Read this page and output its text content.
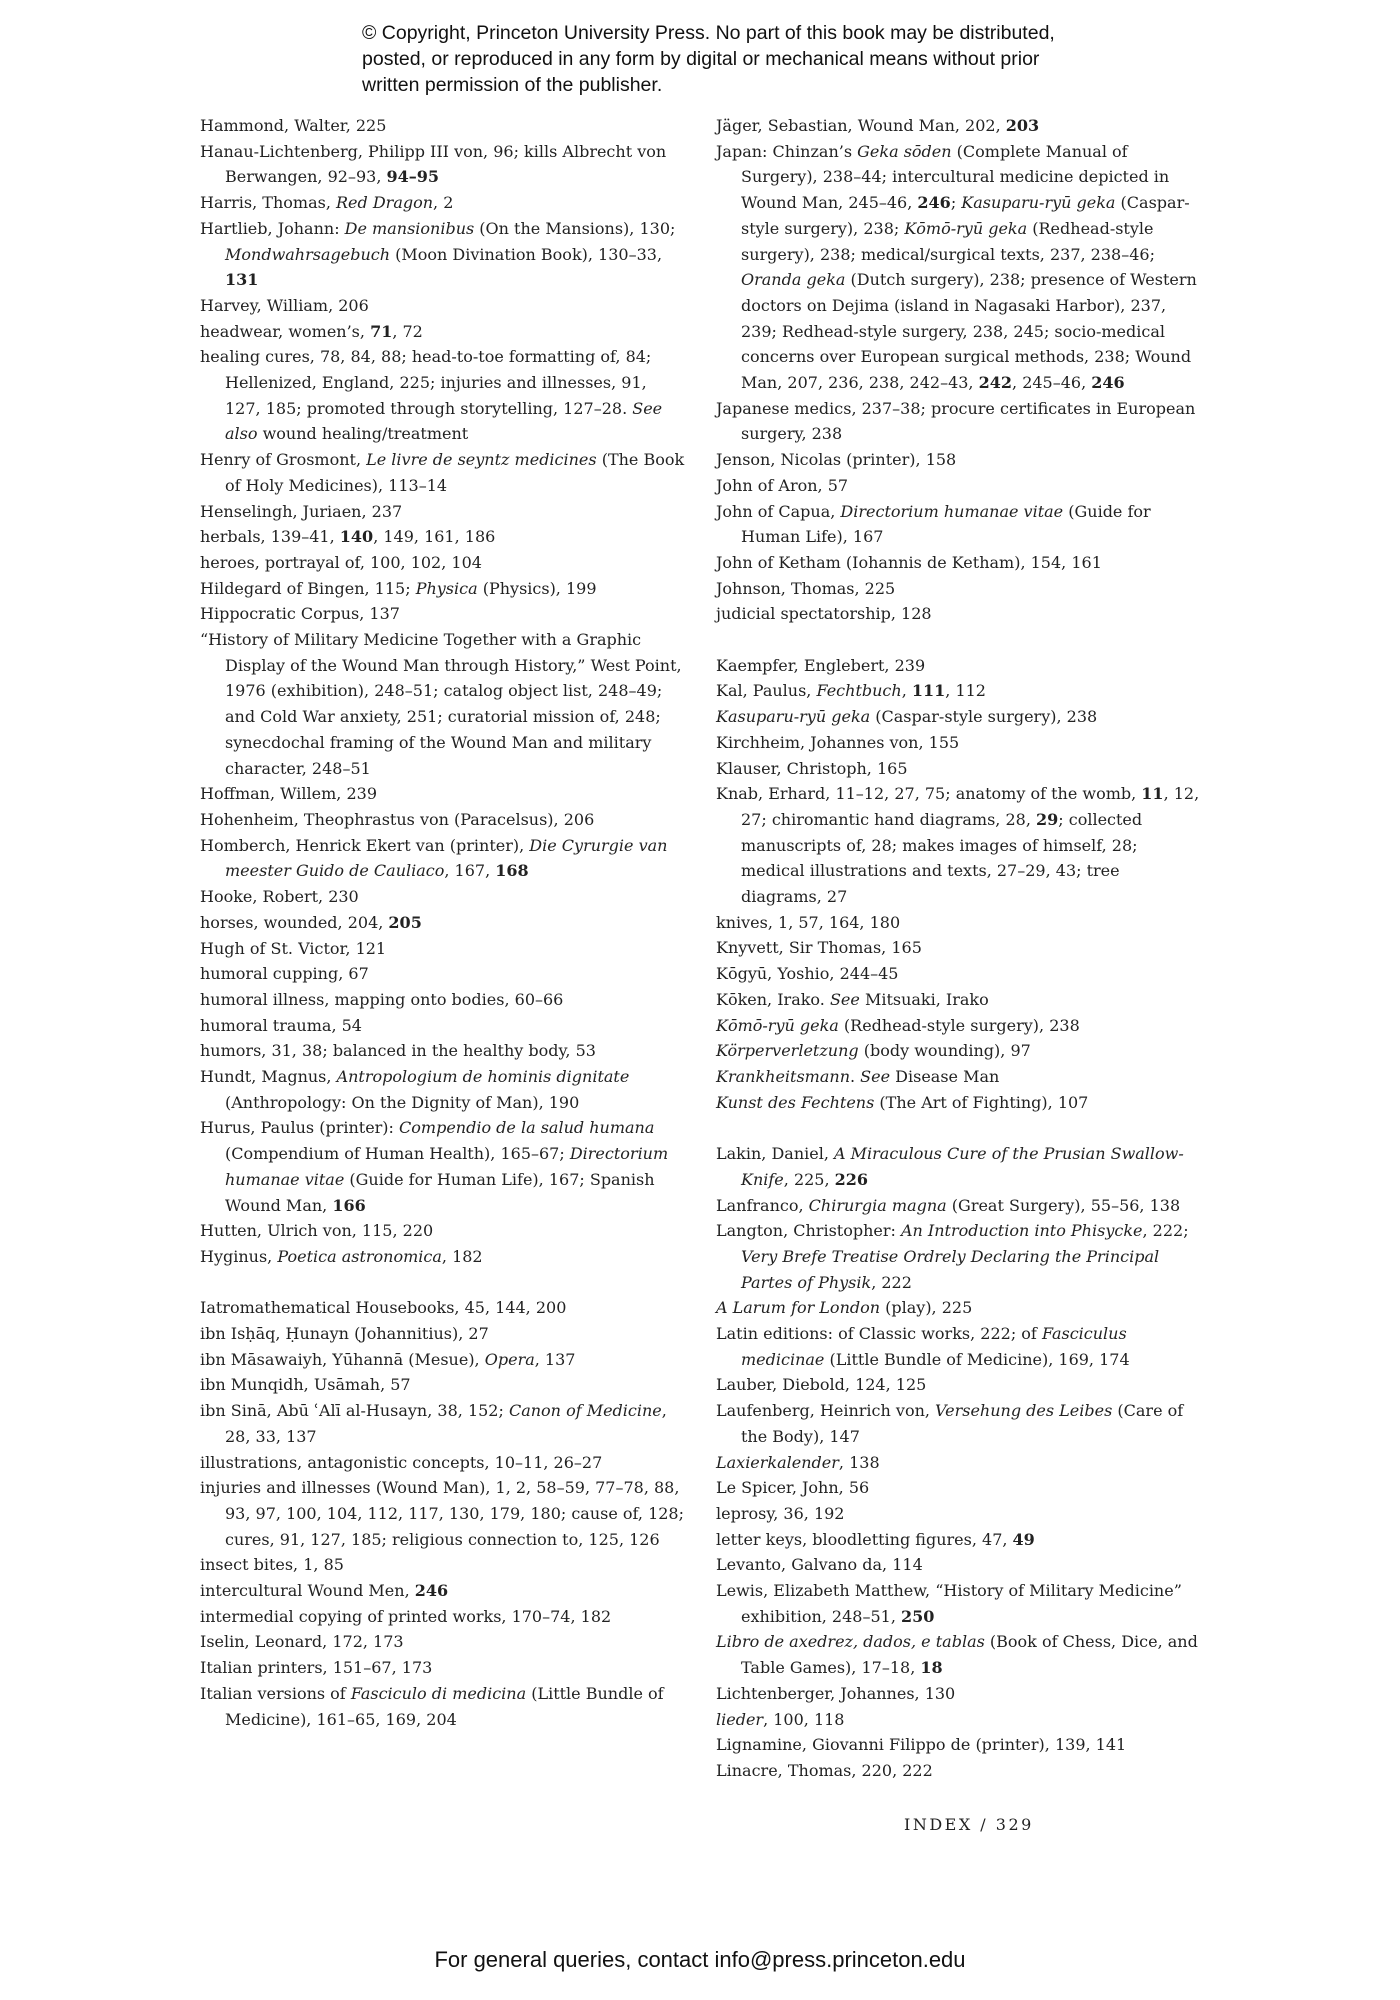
© Copyright, Princeton University Press. No part of this book may be distributed, posted, or reproduced in any form by digital or mechanical means without prior written permission of the publisher.

Hammond, Walter, 225

Hanau-Lichtenberg, Philipp III von, 96; kills Albrecht von Berwangen, 92–93, 94–95

Harris, Thomas, Red Dragon, 2

Hartlieb, Johann: De mansionibus (On the Mansions), 130; Mondwahrsagebuch (Moon Divination Book), 130–33, 131

Harvey, William, 206

headwear, women’s, 71, 72

healing cures, 78, 84, 88; head-to-toe formatting of, 84; Hellenized, England, 225; injuries and illnesses, 91, 127, 185; promoted through storytelling, 127–28. See also wound healing/treatment

Henry of Grosmont, Le livre de seyntz medicines (The Book of Holy Medicines), 113–14

Henselingh, Juriaen, 237

herbals, 139–41, 140, 149, 161, 186

heroes, portrayal of, 100, 102, 104

Hildegard of Bingen, 115; Physica (Physics), 199

Hippocratic Corpus, 137

“History of Military Medicine Together with a Graphic Display of the Wound Man through History,” West Point, 1976 (exhibition), 248–51; catalog object list, 248–49; and Cold War anxiety, 251; curatorial mission of, 248; synecdochal framing of the Wound Man and military character, 248–51

Hoffman, Willem, 239

Hohenheim, Theophrastus von (Paracelsus), 206

Homberch, Henrick Ekert van (printer), Die Cyrurgie van meester Guido de Cauliaco, 167, 168

Hooke, Robert, 230

horses, wounded, 204, 205

Hugh of St. Victor, 121

humoral cupping, 67

humoral illness, mapping onto bodies, 60–66

humoral trauma, 54

humors, 31, 38; balanced in the healthy body, 53

Hundt, Magnus, Antropologium de hominis dignitate (Anthropology: On the Dignity of Man), 190

Hurus, Paulus (printer): Compendio de la salud humana (Compendium of Human Health), 165–67; Directorium humanae vitae (Guide for Human Life), 167; Spanish Wound Man, 166

Hutten, Ulrich von, 115, 220

Hyginus, Poetica astronomica, 182

Iatromathematical Housebooks, 45, 144, 200

ibn Isḥāq, Ḥunayn (Johannitius), 27

ibn Māsawaiyh, Yūhannā (Mesue), Opera, 137

ibn Munqidh, Usāmah, 57

ibn Sinā, Abū ʿAlī al-Husayn, 38, 152; Canon of Medicine, 28, 33, 137

illustrations, antagonistic concepts, 10–11, 26–27

injuries and illnesses (Wound Man), 1, 2, 58–59, 77–78, 88, 93, 97, 100, 104, 112, 117, 130, 179, 180; cause of, 128; cures, 91, 127, 185; religious connection to, 125, 126

insect bites, 1, 85

intercultural Wound Men, 246

intermedial copying of printed works, 170–74, 182

Iselin, Leonard, 172, 173

Italian printers, 151–67, 173

Italian versions of Fasciculo di medicina (Little Bundle of Medicine), 161–65, 169, 204

Jäger, Sebastian, Wound Man, 202, 203

Japan: Chinzan’s Geka sōden (Complete Manual of Surgery), 238–44; intercultural medicine depicted in Wound Man, 245–46, 246; Kasuparu-ryū geka (Caspar-style surgery), 238; Kōmō-ryū geka (Redhead-style surgery), 238; medical/surgical texts, 237, 238–46; Oranda geka (Dutch surgery), 238; presence of Western doctors on Dejima (island in Nagasaki Harbor), 237, 239; Redhead-style surgery, 238, 245; socio-medical concerns over European surgical methods, 238; Wound Man, 207, 236, 238, 242–43, 242, 245–46, 246

Japanese medics, 237–38; procure certificates in European surgery, 238

Jenson, Nicolas (printer), 158

John of Aron, 57

John of Capua, Directorium humanae vitae (Guide for Human Life), 167

John of Ketham (Iohannis de Ketham), 154, 161

Johnson, Thomas, 225

judicial spectatorship, 128

Kaempfer, Englebert, 239

Kal, Paulus, Fechtbuch, 111, 112

Kasuparu-ryū geka (Caspar-style surgery), 238

Kirchheim, Johannes von, 155

Klauser, Christoph, 165

Knab, Erhard, 11–12, 27, 75; anatomy of the womb, 11, 12, 27; chiromantic hand diagrams, 28, 29; collected manuscripts of, 28; makes images of himself, 28; medical illustrations and texts, 27–29, 43; tree diagrams, 27

knives, 1, 57, 164, 180

Knyvett, Sir Thomas, 165

Kōgyū, Yoshio, 244–45

Kōken, Irako. See Mitsuaki, Irako

Kōmō-ryū geka (Redhead-style surgery), 238

Körperverletzung (body wounding), 97

Krankheitsmann. See Disease Man

Kunst des Fechtens (The Art of Fighting), 107

Lakin, Daniel, A Miraculous Cure of the Prusian Swallow-Knife, 225, 226

Lanfranco, Chirurgia magna (Great Surgery), 55–56, 138

Langton, Christopher: An Introduction into Phisycke, 222; Very Brefe Treatise Ordrely Declaring the Principal Partes of Physik, 222

A Larum for London (play), 225

Latin editions: of Classic works, 222; of Fasciculus medicinae (Little Bundle of Medicine), 169, 174

Lauber, Diebold, 124, 125

Laufenberg, Heinrich von, Versehung des Leibes (Care of the Body), 147

Laxierkalender, 138

Le Spicer, John, 56

leprosy, 36, 192

letter keys, bloodletting figures, 47, 49

Levanto, Galvano da, 114

Lewis, Elizabeth Matthew, “History of Military Medicine” exhibition, 248–51, 250

Libro de axedrez, dados, e tablas (Book of Chess, Dice, and Table Games), 17–18, 18

Lichtenberger, Johannes, 130

lieder, 100, 118

Lignamine, Giovanni Filippo de (printer), 139, 141

Linacre, Thomas, 220, 222

INDEX / 329
For general queries, contact info@press.princeton.edu
